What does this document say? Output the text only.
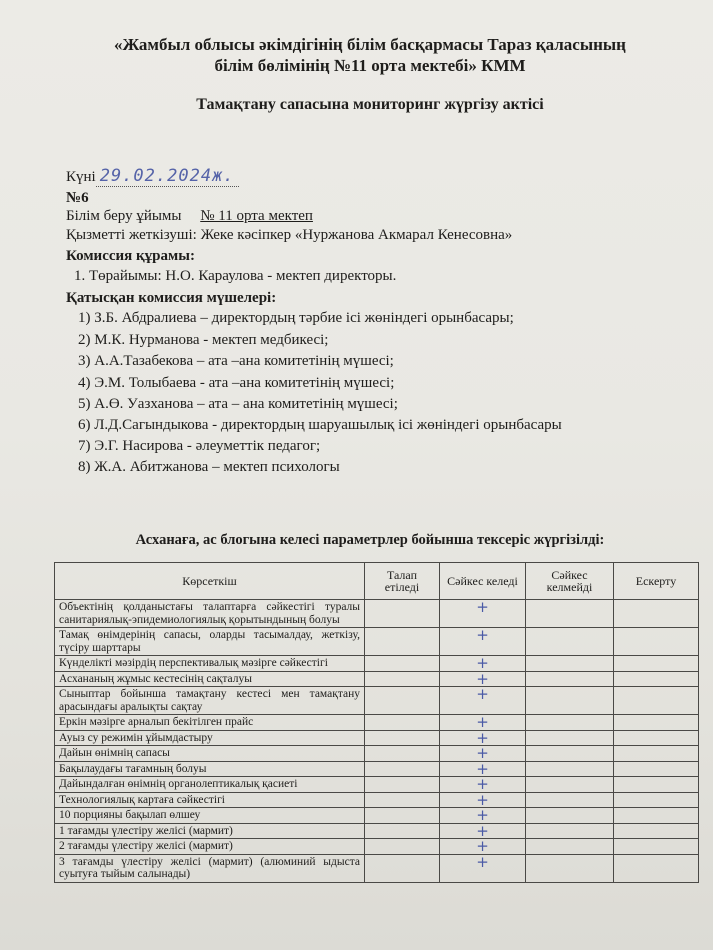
«Жамбыл облысы әкімдігінің білім басқармасы Тараз қаласының
білім бөлімінің №11 орта мектебі» КММ
Тамақтану сапасына мониторинг жүргізу актісі
Күні 29.02.2024ж.
№6
Білім беру ұйымы № 11 орта мектеп
Қызметті жеткізуші: Жеке кәсіпкер «Нуржанова Акмарал Кенесовна»
Комиссия құрамы:
1. Төрайымы: Н.О. Караулова - мектеп директоры.
Қатысқан комиссия мүшелері:
1) З.Б. Абдралиева – директордың тәрбие ісі жөніндегі орынбасары;
2) М.К. Нурманова - мектеп медбикесі;
3) А.А.Тазабекова – ата –ана комитетінің мүшесі;
4) Э.М. Толыбаева - ата –ана комитетінің мүшесі;
5) А.Ө. Уазханова – ата – ана комитетінің мүшесі;
6) Л.Д.Сагындыкова - директордың шаруашылық ісі жөніндегі орынбасары
7) Э.Г. Насирова - әлеуметтік педагог;
8) Ж.А. Абитжанова – мектеп психологы
Асханаға, ас блогына келесі параметрлер бойынша тексеріс жүргізілді:
Көрсеткіш	Талап етіледі	Сәйкес келеді	Сәйкес келмейді	Ескерту
Объектінің қолданыстағы талаптарға сәйкестігі туралы санитариялық-эпидемиологиялық қорытындының болуы		+		
Тамақ өнімдерінің сапасы, оларды тасымалдау, жеткізу, түсіру шарттары		+		
Күнделікті мәзірдің перспективалық мәзірге сәйкестігі		+		
Асхананың жұмыс кестесінің сақталуы		+		
Сыныптар бойынша тамақтану кестесі мен тамақтану арасындағы аралықты сақтау		+		
Еркін мәзірге арналып бекітілген прайс		+		
Ауыз су режимін ұйымдастыру		+		
Дайын өнімнің сапасы		+		
Бақылаудағы тағамның болуы		+		
Дайындалған өнімнің органолептикалық қасиеті		+		
Технологиялық картаға сәйкестігі		+		
10 порцияны бақылап өлшеу		+		
1 тағамды үлестіру желісі (мармит)		+		
2 тағамды үлестіру желісі (мармит)		+		
3 тағамды үлестіру желісі (мармит) (алюминий ыдыста суытуға тыйым салынады)		+		
